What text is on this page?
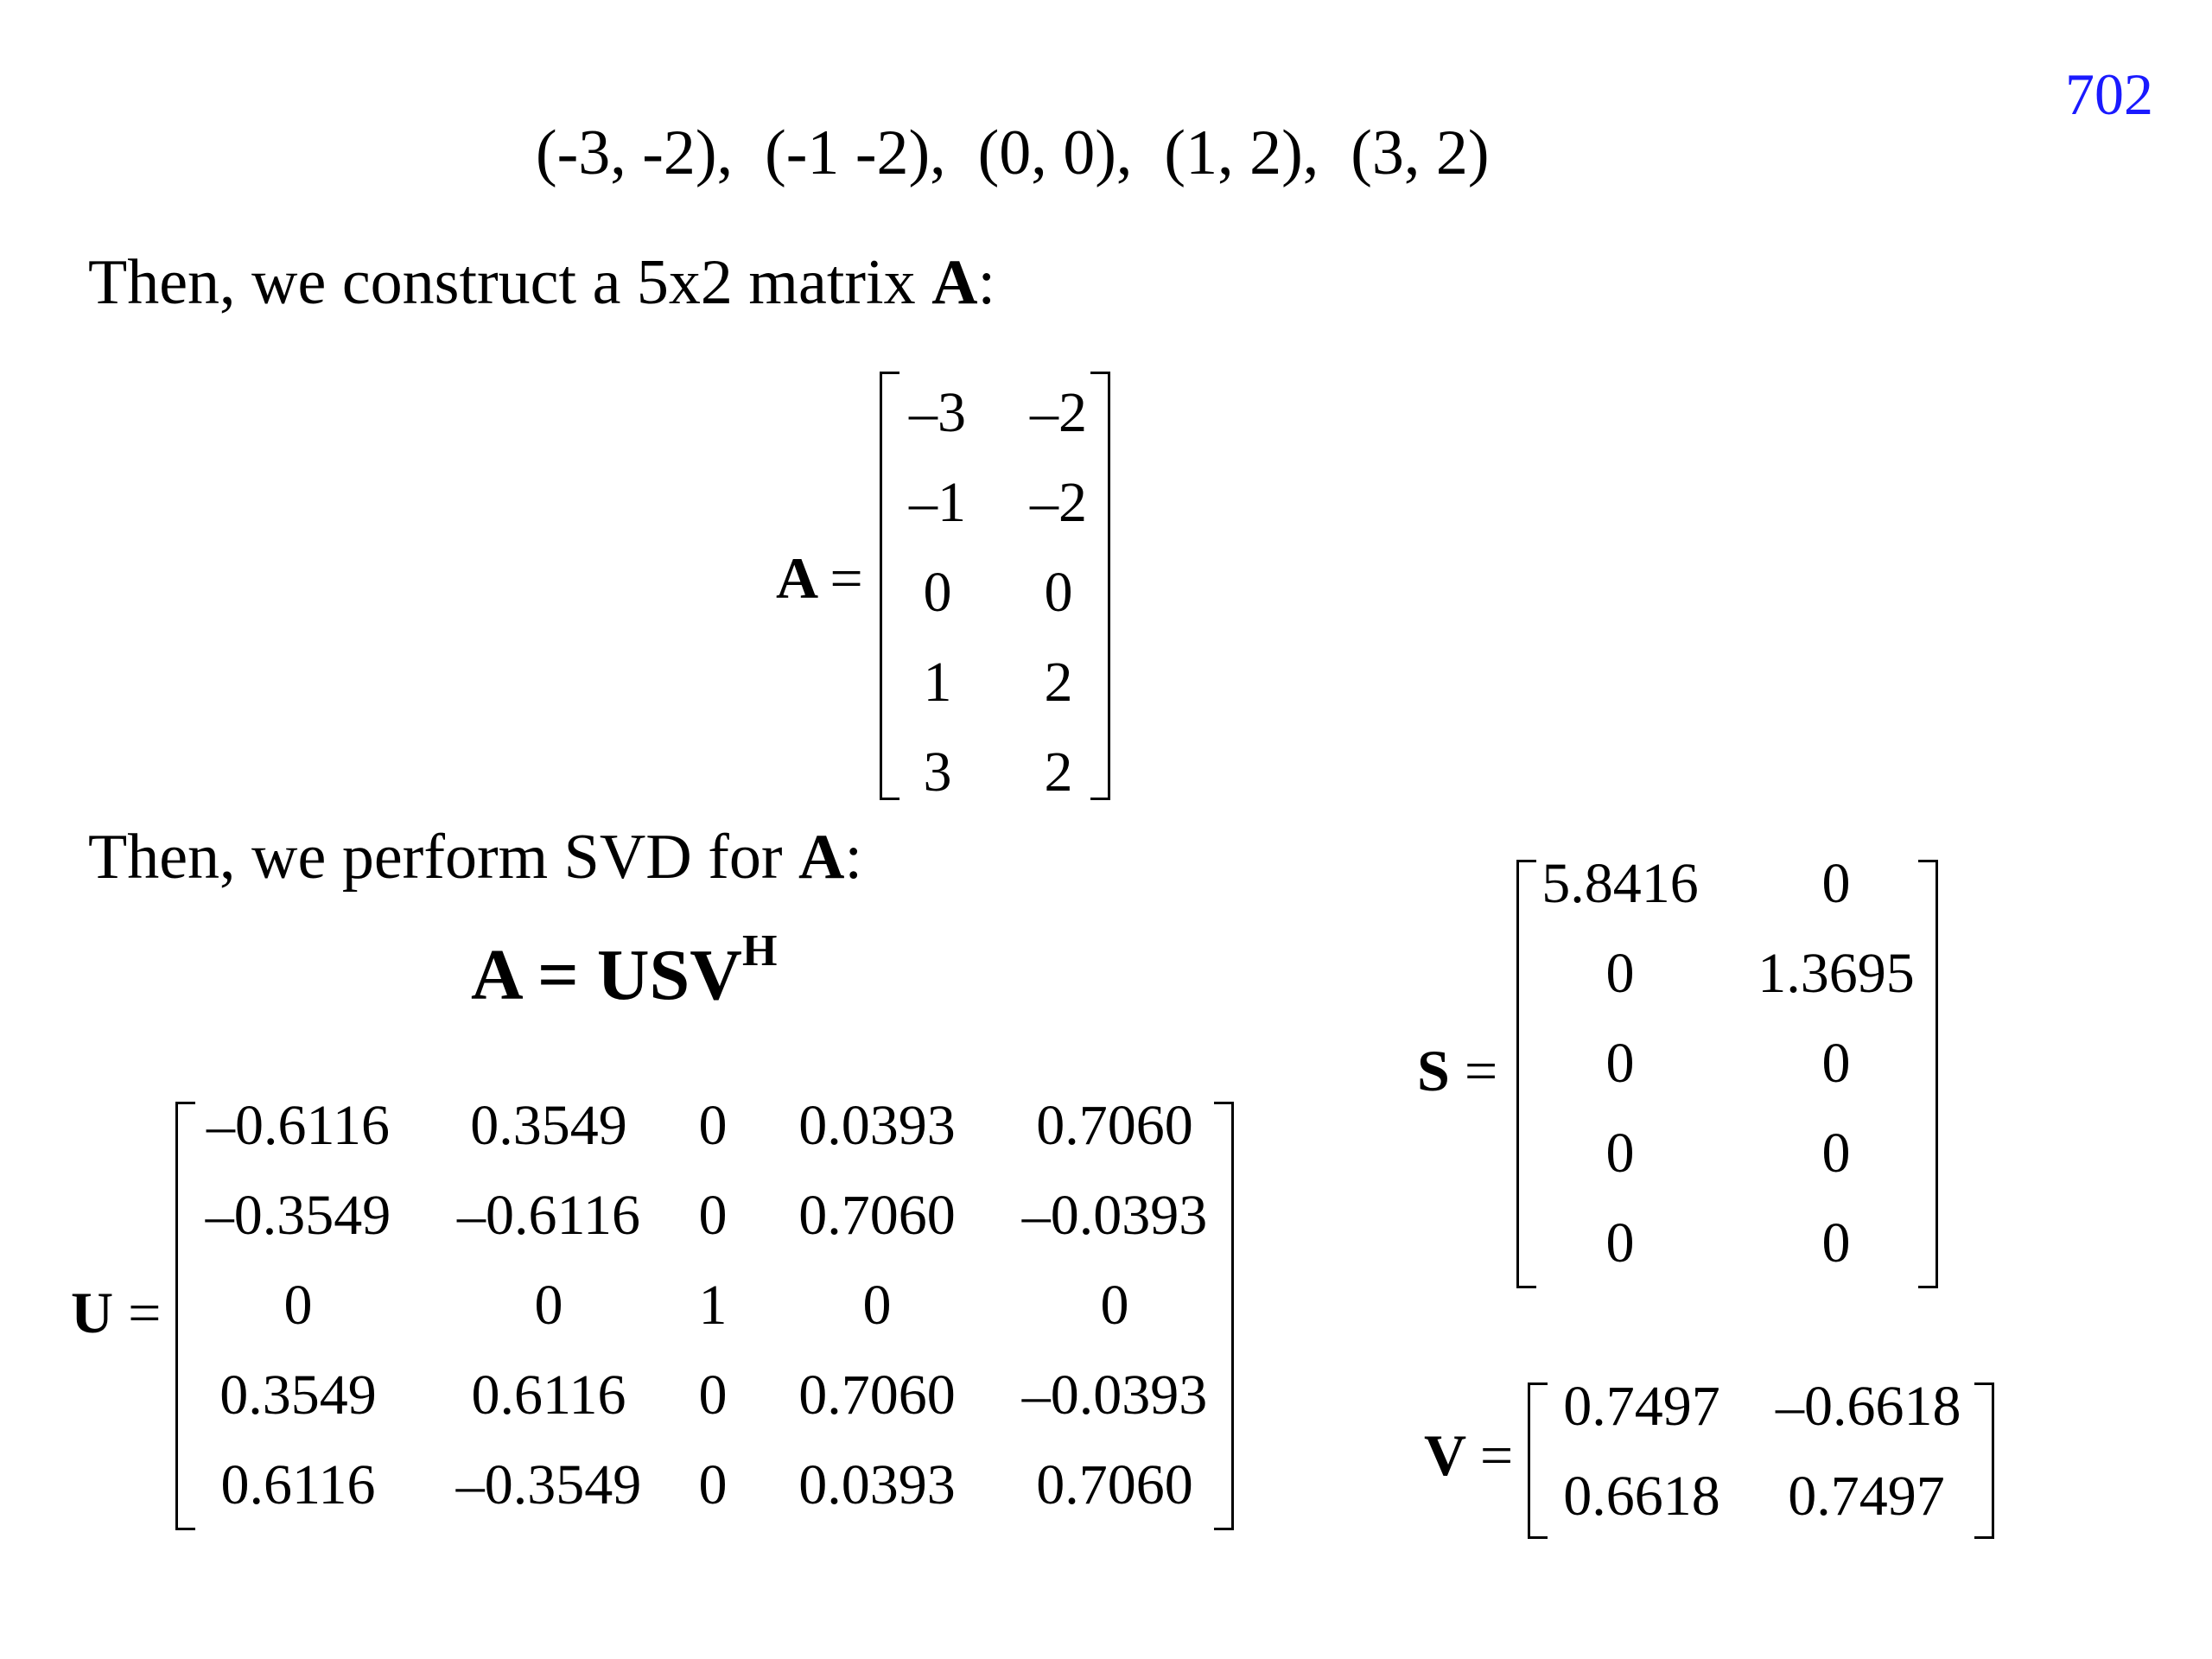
702
(-3, -2),  (-1 -2),  (0, 0),  (1, 2),  (3, 2)
Then, we construct a 5x2 matrix A:
A =
–3	–2
–1	–2
0	0
1	2
3	2
Then, we perform SVD for A:
$A = USV^H$
S =
5.8416	0
0	1.3695
0	0
0	0
0	0
U =
–0.6116	0.3549	0	0.0393	0.7060
–0.3549 –0.6116	0	0.7060	–0.0393
0	0	1	0	0
0.3549	0.6116	0	0.7060	–0.0393
0.6116	–0.3549	0	0.0393	0.7060	V =
0.7497 –0.6618
0.6618 0.7497
